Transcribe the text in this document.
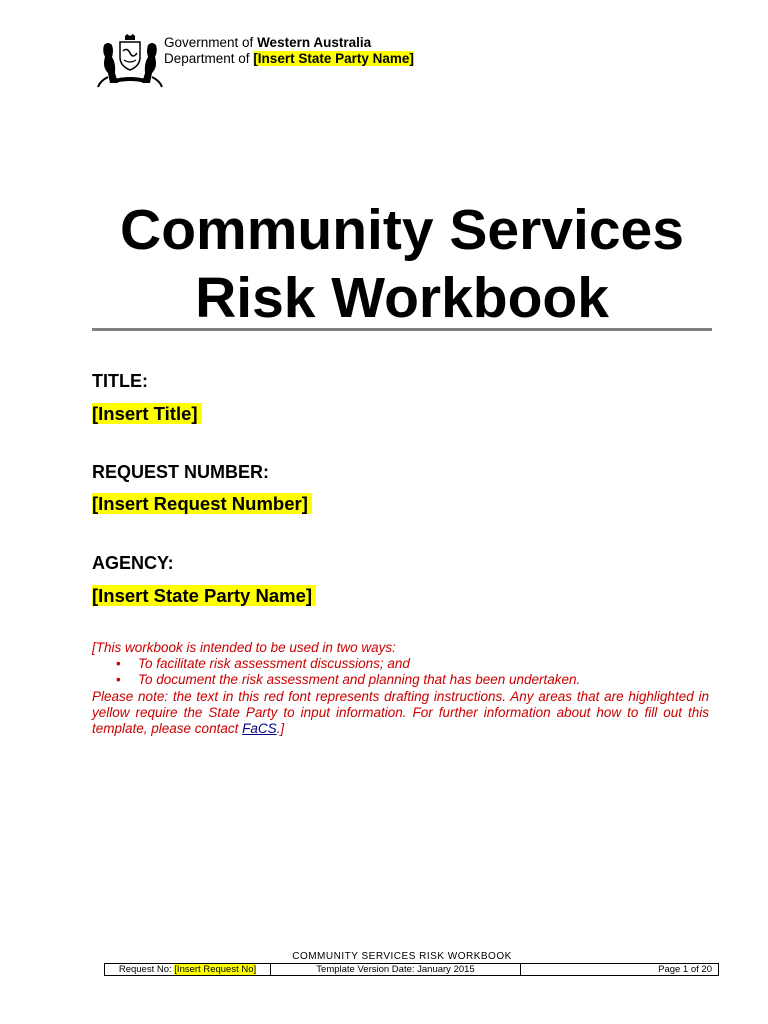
Government of Western Australia
Department of [Insert State Party Name]
Community Services
Risk Workbook
TITLE:
[Insert Title]
REQUEST NUMBER:
[Insert Request Number]
AGENCY:
[Insert State Party Name]

[This workbook is intended to be used in two ways:

• To facilitate risk assessment discussions; and
• To document the risk assessment and planning that has been undertaken.

Please note: the text in this red font represents drafting instructions. Any areas that are highlighted in yellow require the State Party to input information. For further information about how to fill out this template, please contact FaCS.]

COMMUNITY SERVICES RISK WORKBOOK
Request No:
[Insert Request No]	Template Version Date: January 2015	Page 1 of 20
